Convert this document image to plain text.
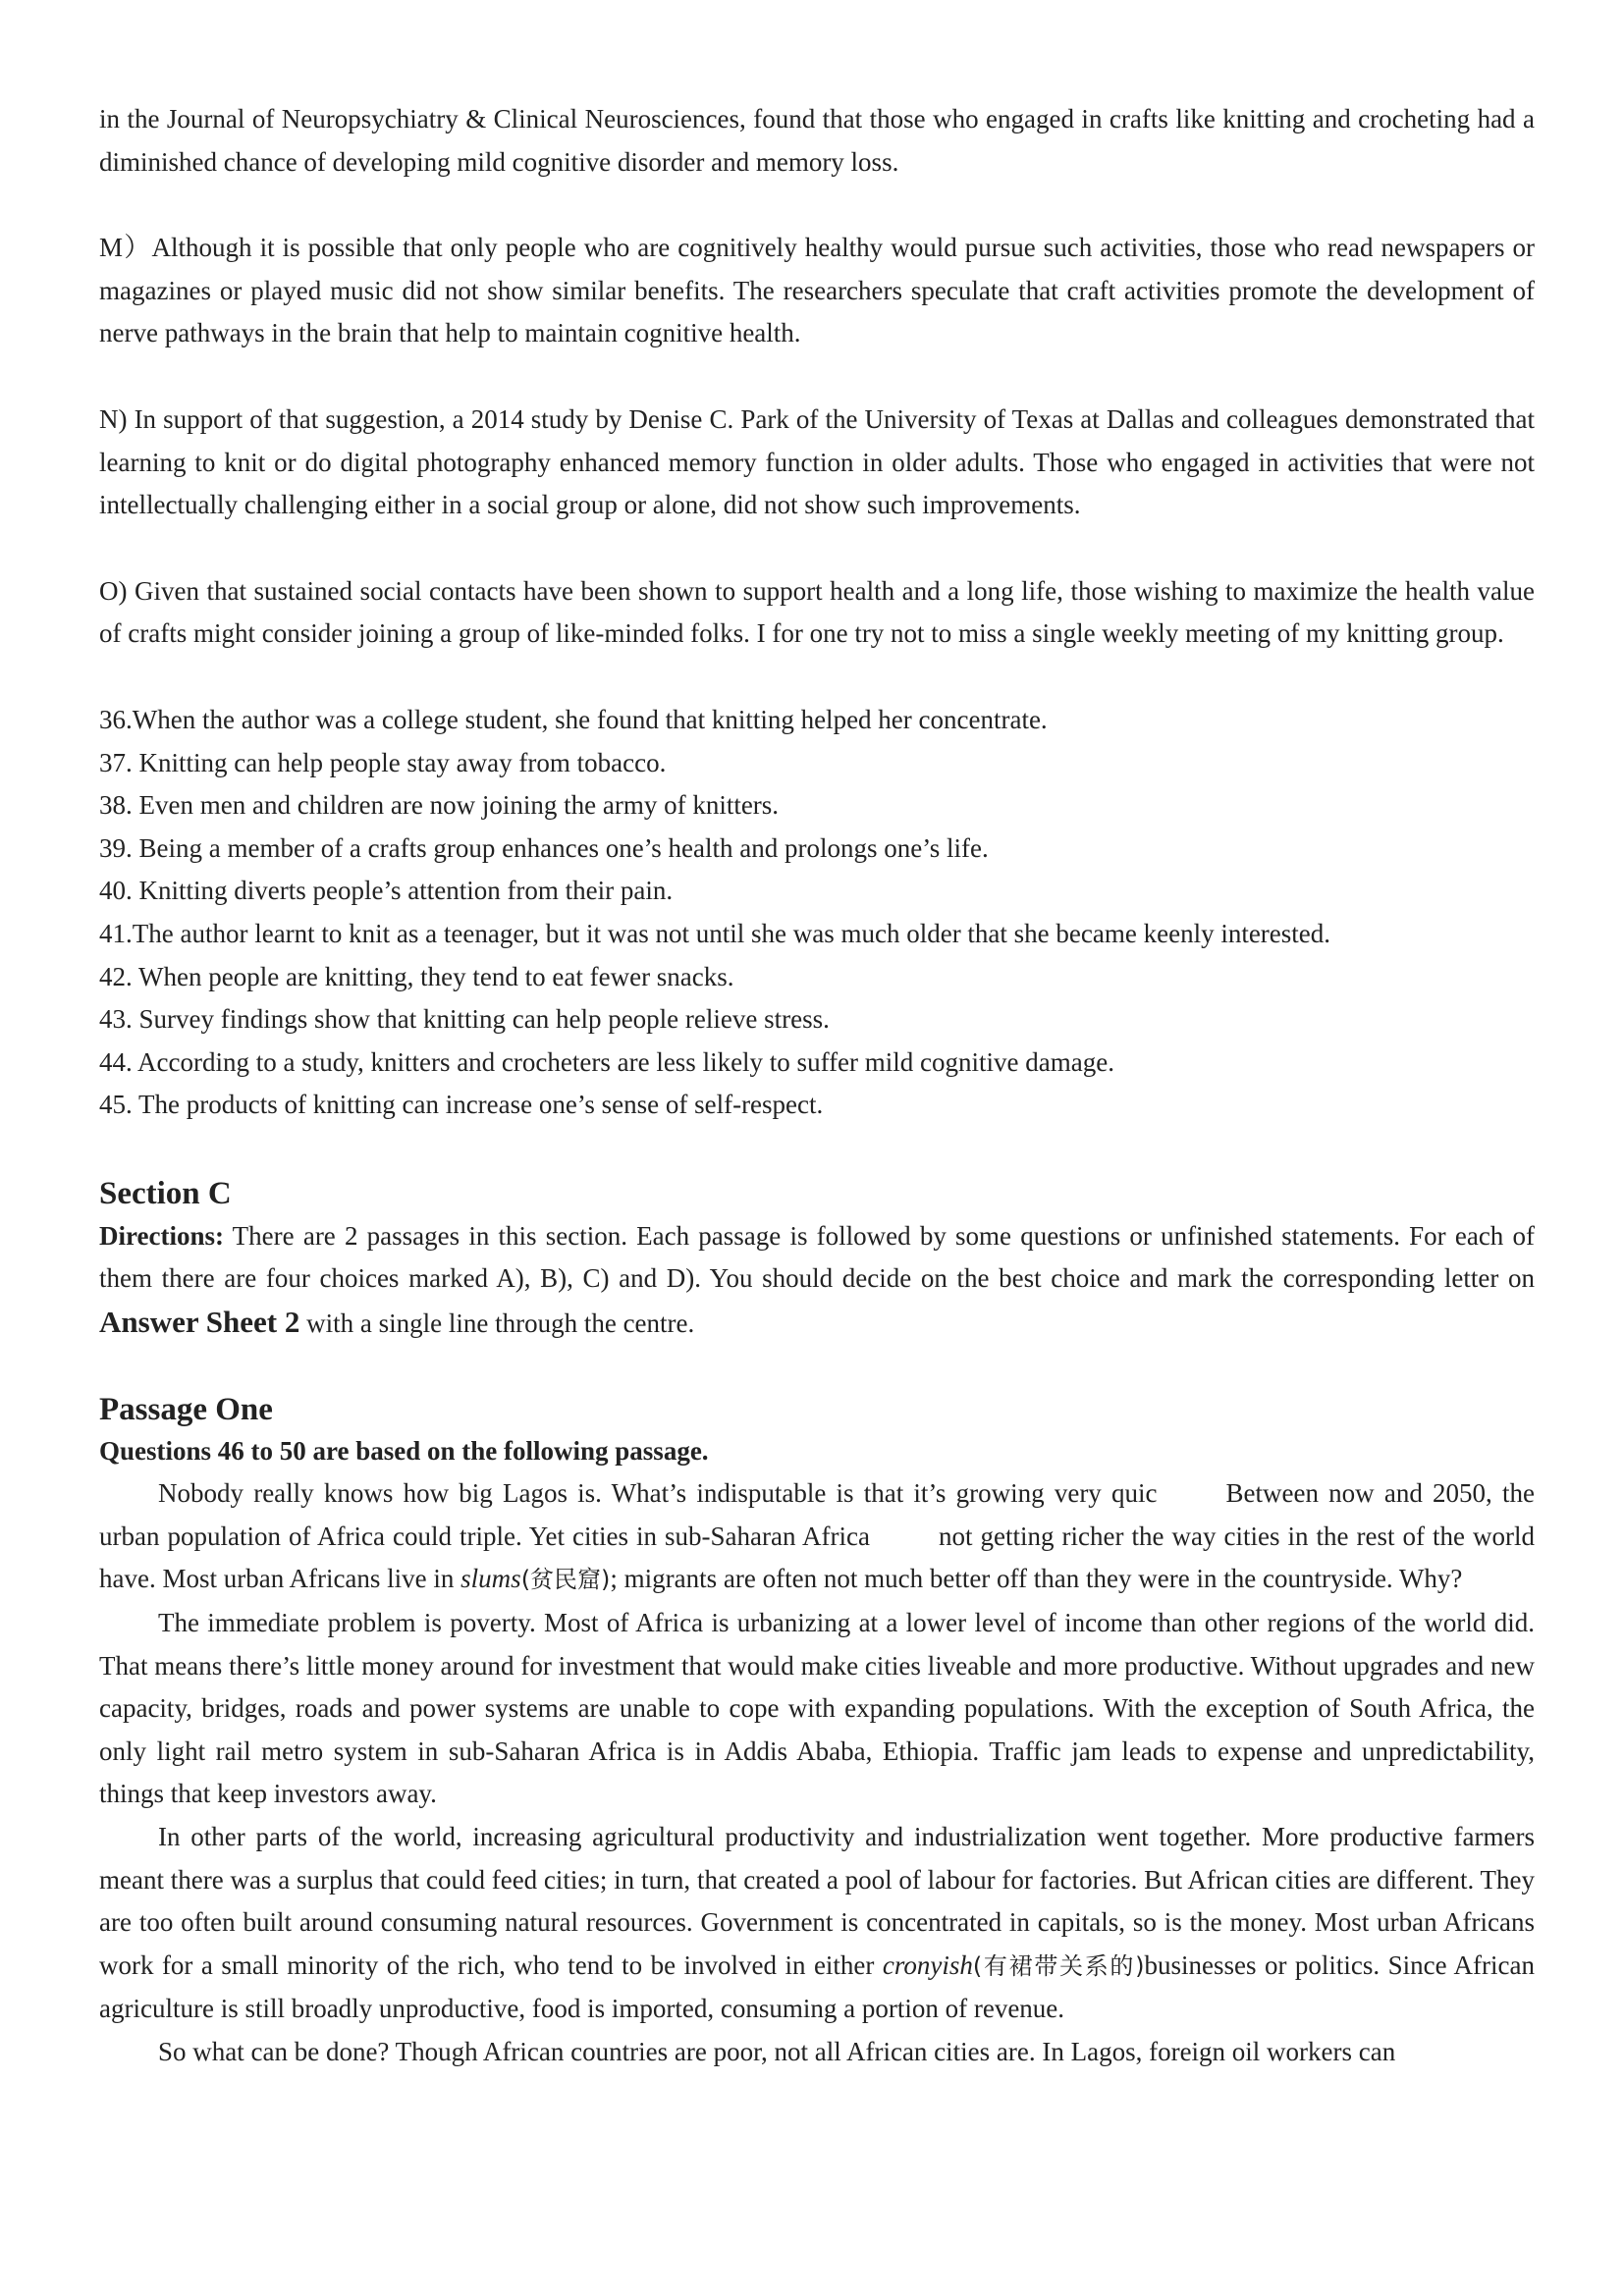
in the Journal of Neuropsychiatry & Clinical Neurosciences, found that those who engaged in crafts like knitting and crocheting had a diminished chance of developing mild cognitive disorder and memory loss.

M）Although it is possible that only people who are cognitively healthy would pursue such activities, those who read newspapers or magazines or played music did not show similar benefits. The researchers speculate that craft activities promote the development of nerve pathways in the brain that help to maintain cognitive health.

N) In support of that suggestion, a 2014 study by Denise C. Park of the University of Texas at Dallas and colleagues demonstrated that learning to knit or do digital photography enhanced memory function in older adults. Those who engaged in activities that were not intellectually challenging either in a social group or alone, did not show such improvements.

O) Given that sustained social contacts have been shown to support health and a long life, those wishing to maximize the health value of crafts might consider joining a group of like-minded folks. I for one try not to miss a single weekly meeting of my knitting group.

36.When the author was a college student, she found that knitting helped her concentrate.
37. Knitting can help people stay away from tobacco.
38. Even men and children are now joining the army of knitters.
39. Being a member of a crafts group enhances one’s health and prolongs one’s life.
40. Knitting diverts people’s attention from their pain.
41.The author learnt to knit as a teenager, but it was not until she was much older that she became keenly interested.
42. When people are knitting, they tend to eat fewer snacks.
43. Survey findings show that knitting can help people relieve stress.
44. According to a study, knitters and crocheters are less likely to suffer mild cognitive damage.
45. The products of knitting can increase one’s sense of self-respect.
Section C

Directions: There are 2 passages in this section. Each passage is followed by some questions or unfinished statements. For each of them there are four choices marked A), B), C) and D). You should decide on the best choice and mark the corresponding letter on Answer Sheet 2 with a single line through the centre.

Passage One
Questions 46 to 50 are based on the following passage.

Nobody really knows how big Lagos is. What’s indisputable is that it’s growing very quic	Between now and 2050, the urban population of Africa could triple. Yet cities in sub-Saharan Africa	not getting richer the way cities in the rest of the world have. Most urban Africans live in slums(贫民窟); migrants are often not much better off than they were in the countryside. Why?

The immediate problem is poverty. Most of Africa is urbanizing at a lower level of income than other regions of the world did. That means there’s little money around for investment that would make cities liveable and more productive. Without upgrades and new capacity, bridges, roads and power systems are unable to cope with expanding populations. With the exception of South Africa, the only light rail metro system in sub-Saharan Africa is in Addis Ababa, Ethiopia. Traffic jam leads to expense and unpredictability, things that keep investors away.

In other parts of the world, increasing agricultural productivity and industrialization went together. More productive farmers meant there was a surplus that could feed cities; in turn, that created a pool of labour for factories. But African cities are different. They are too often built around consuming natural resources. Government is concentrated in capitals, so is the money. Most urban Africans work for a small minority of the rich, who tend to be involved in either cronyish(有裙带关系的)businesses or politics. Since African agriculture is still broadly unproductive, food is imported, consuming a portion of revenue.

So what can be done? Though African countries are poor, not all African cities are. In Lagos, foreign oil workers can
